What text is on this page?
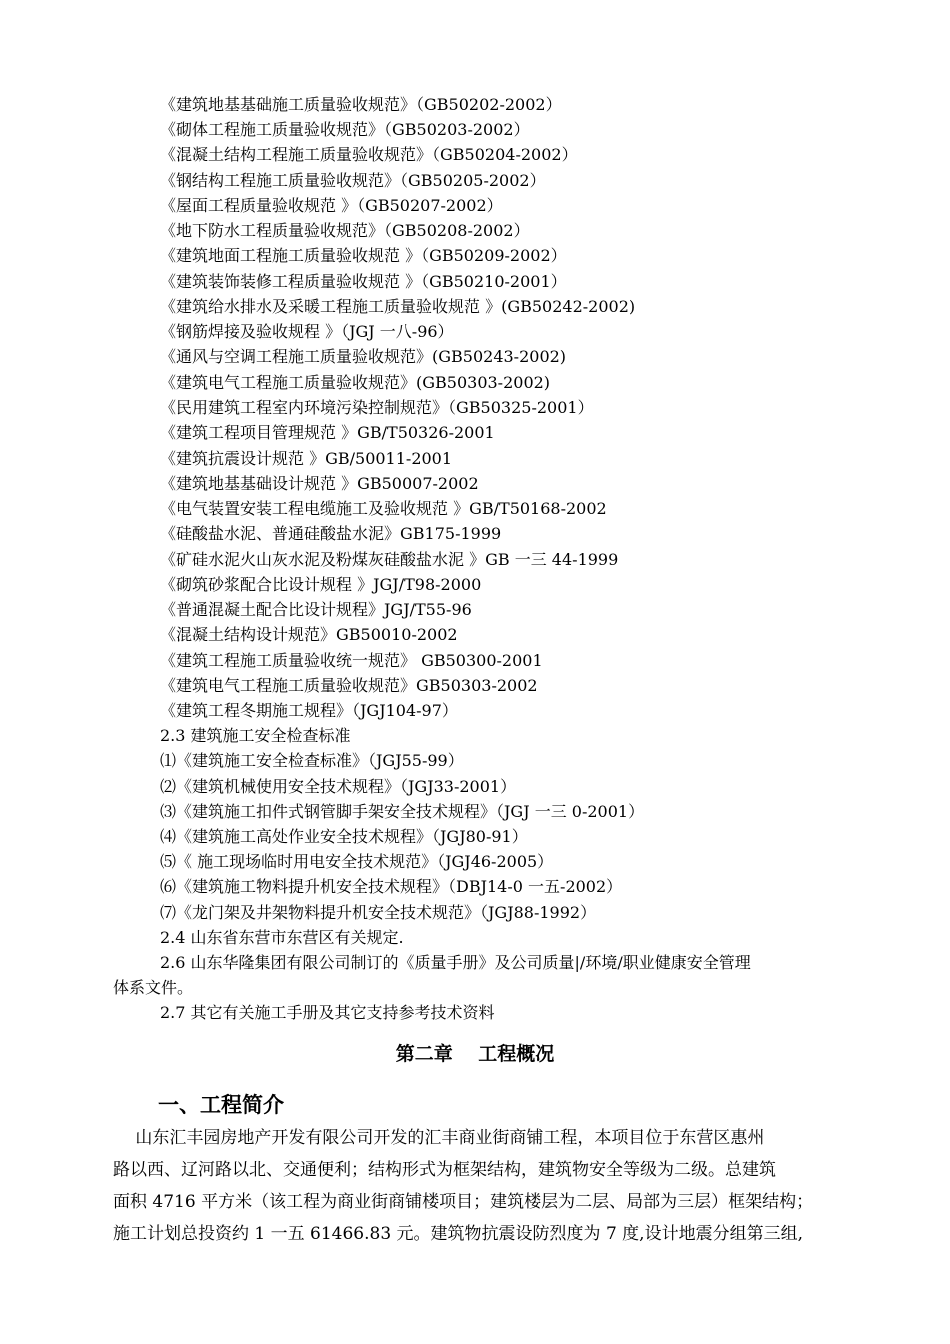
《建筑地基基础施工质量验收规范》（GB50202-2002）
《砌体工程施工质量验收规范》（GB50203-2002）
《混凝土结构工程施工质量验收规范》（GB50204-2002）
《钢结构工程施工质量验收规范》（GB50205-2002）
《屋面工程质量验收规范 》（GB50207-2002）
《地下防水工程质量验收规范》（GB50208-2002）
《建筑地面工程施工质量验收规范 》（GB50209-2002）
《建筑装饰装修工程质量验收规范 》（GB50210-2001）
《建筑给水排水及采暖工程施工质量验收规范 》(GB50242-2002)
《钢筋焊接及验收规程 》（JGJ 一八-96）
《通风与空调工程施工质量验收规范》(GB50243-2002)
《建筑电气工程施工质量验收规范》(GB50303-2002)
《民用建筑工程室内环境污染控制规范》（GB50325-2001）
《建筑工程项目管理规范 》GB/T50326-2001
《建筑抗震设计规范 》GB/50011-2001
《建筑地基基础设计规范 》GB50007-2002
《电气装置安装工程电缆施工及验收规范 》GB/T50168-2002
《硅酸盐水泥、普通硅酸盐水泥》GB175-1999
《矿硅水泥火山灰水泥及粉煤灰硅酸盐水泥 》GB 一三 44-1999
《砌筑砂浆配合比设计规程 》JGJ/T98-2000
《普通混凝土配合比设计规程》JGJ/T55-96
《混凝土结构设计规范》GB50010-2002
《建筑工程施工质量验收统一规范》 GB50300-2001
《建筑电气工程施工质量验收规范》GB50303-2002
《建筑工程冬期施工规程》（JGJ104-97）
2.3 建筑施工安全检查标准
⑴《建筑施工安全检查标准》（JGJ55-99）
⑵《建筑机械使用安全技术规程》（JGJ33-2001）
⑶《建筑施工扣件式钢管脚手架安全技术规程》（JGJ 一三 0-2001）
⑷《建筑施工高处作业安全技术规程》（JGJ80-91）
⑸《 施工现场临时用电安全技术规范》（JGJ46-2005）
⑹《建筑施工物料提升机安全技术规程》（DBJ14-0 一五-2002）
⑺《龙门架及井架物料提升机安全技术规范》（JGJ88-1992）
2.4 山东省东营市东营区有关规定.
2.6 山东华隆集团有限公司制订的《质量手册》及公司质量|/环境/职业健康安全管理
体系文件。
2.7 其它有关施工手册及其它支持参考技术资料
第二章　 工程概况
一、工程简介
　 山东汇丰园房地产开发有限公司开发的汇丰商业街商铺工程，本项目位于东营区惠州
路以西、辽河路以北、交通便利；结构形式为框架结构，建筑物安全等级为二级。总建筑
面积 4716 平方米（该工程为商业街商铺楼项目；建筑楼层为二层、局部为三层）框架结构；
施工计划总投资约 1 一五 61466.83 元。建筑物抗震设防烈度为 7 度,设计地震分组第三组,
